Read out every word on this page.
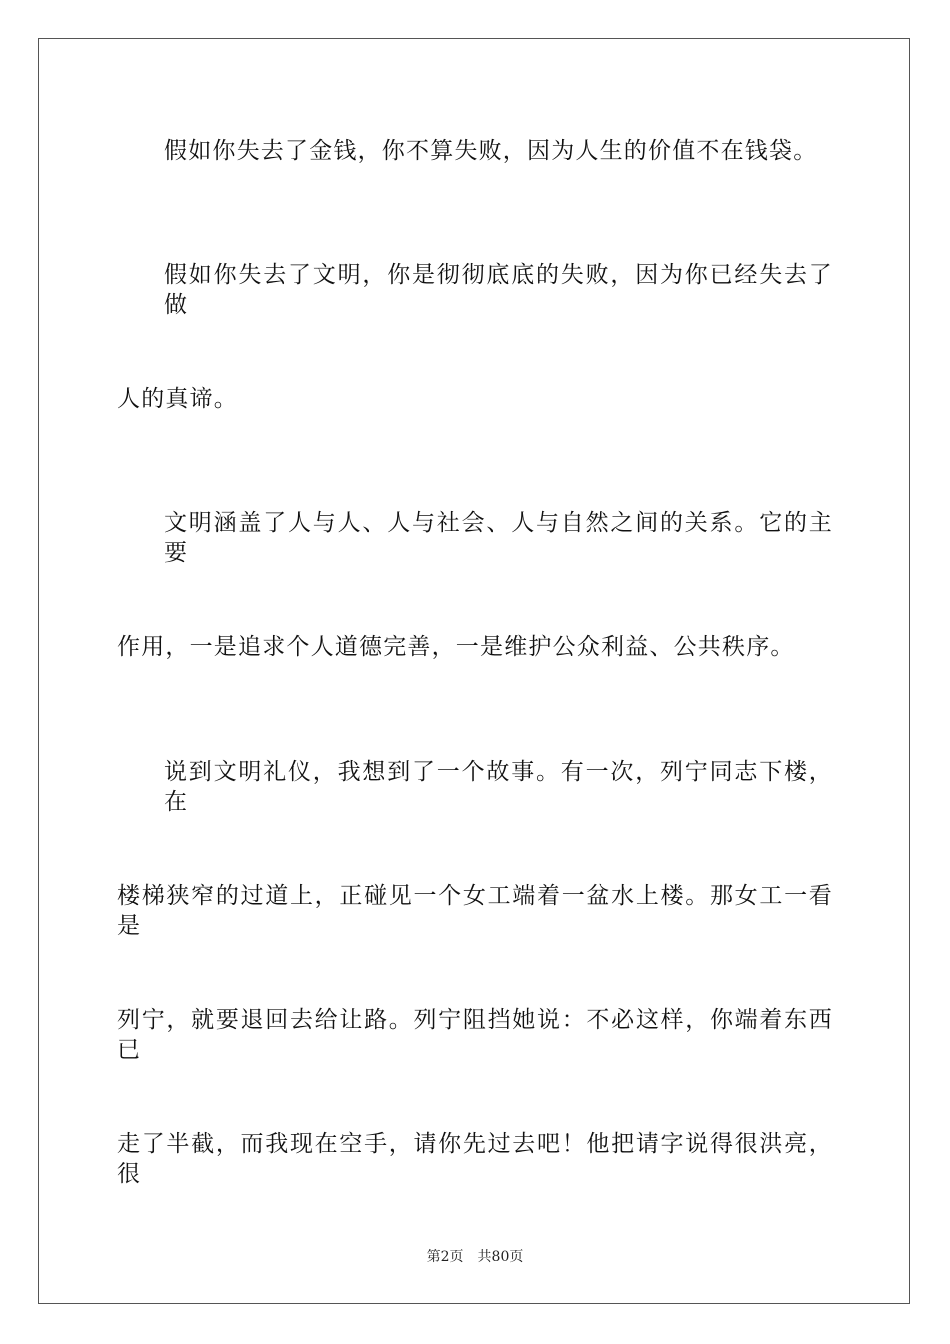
假如你失去了金钱，你不算失败，因为人生的价值不在钱袋。
假如你失去了文明，你是彻彻底底的失败，因为你已经失去了做
人的真谛。
文明涵盖了人与人、人与社会、人与自然之间的关系。它的主要
作用，一是追求个人道德完善，一是维护公众利益、公共秩序。
说到文明礼仪，我想到了一个故事。有一次，列宁同志下楼，在
楼梯狭窄的过道上，正碰见一个女工端着一盆水上楼。那女工一看是
列宁，就要退回去给让路。列宁阻挡她说：不必这样，你端着东西已
走了半截，而我现在空手，请你先过去吧！他把请字说得很洪亮，很
第2页 共80页
